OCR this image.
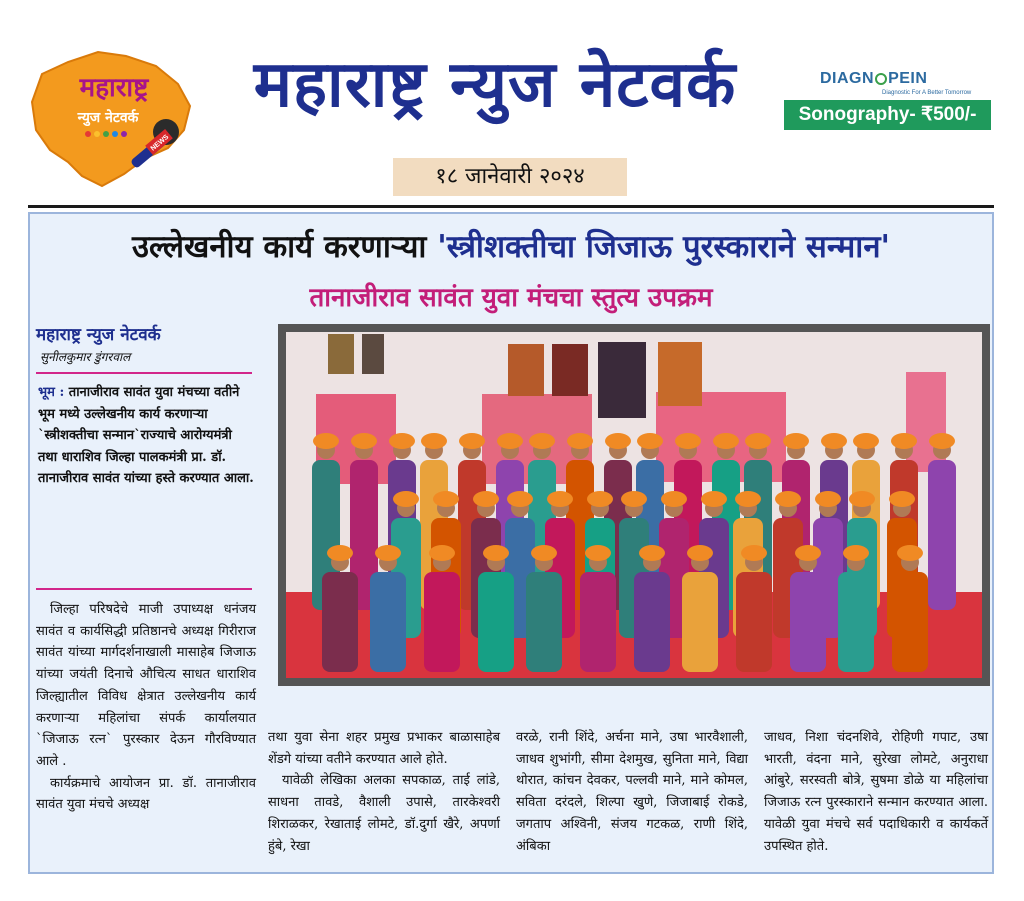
महाराष्ट्र
न्युज नेटवर्क
NEWS
महाराष्ट्र न्युज नेटवर्क
१८ जानेवारी २०२४
DIAGN PEIN
Diagnostic For A Better Tomorrow
Sonography- ₹500/-
उल्लेखनीय कार्य करणाऱ्या 'स्त्रीशक्तीचा जिजाऊ पुरस्काराने सन्मान'
तानाजीराव सावंत युवा मंचचा स्तुत्य उपक्रम
महाराष्ट्र न्युज नेटवर्क
सुनीलकुमार डुंगरवाल

भूम : तानाजीराव सावंत युवा मंचच्या वतीने भूम मध्ये उल्लेखनीय कार्य करणाऱ्या `स्त्रीशक्तीचा सन्मान`राज्याचे आरोग्यमंत्री तथा धाराशिव जिल्हा पालकमंत्री प्रा. डॉ. तानाजीराव सावंत यांच्या हस्ते करण्यात आला.

जिल्हा परिषदेचे माजी उपाध्यक्ष धनंजय सावंत व कार्यसिद्धी प्रतिष्ठानचे अध्यक्ष गिरीराज सावंत यांच्या मार्गदर्शनाखाली मासाहेब जिजाऊ यांच्या जयंती दिनाचे औचित्य साधत धाराशिव जिल्ह्यातील विविध क्षेत्रात उल्लेखनीय कार्य करणाऱ्या महिलांचा संपर्क कार्यालयात `जिजाऊ रत्न` पुरस्कार देऊन गौरविण्यात आले .
कार्यक्रमाचे आयोजन प्रा. डॉ. तानाजीराव सावंत युवा मंचचे अध्यक्ष
तथा युवा सेना शहर प्रमुख प्रभाकर बाळासाहेब शेंडगे यांच्या वतीने करण्यात आले होते.
यावेळी लेखिका अलका सपकाळ, ताई लांडे, साधना तावडे, वैशाली उपासे, तारकेश्वरी शिराळकर, रेखाताई लोमटे, डॉ.दुर्गा खैरे, अपर्णा हुंबे, रेखा
वरळे, रानी शिंदे, अर्चना माने, उषा भारवैशाली, जाधव शुभांगी, सीमा देशमुख, सुनिता माने, विद्या थोरात, कांचन देवकर, पल्लवी माने, माने कोमल, सविता दरंदले, शिल्पा खुणे, जिजाबाई रोकडे, जगताप अश्विनी, संजय गटकळ, राणी शिंदे, अंबिका
जाधव, निशा चंदनशिवे, रोहिणी गपाट, उषा भारती, वंदना माने, सुरेखा लोमटे, अनुराधा आंबुरे, सरस्वती बोत्रे, सुषमा डोळे या महिलांचा जिजाऊ रत्न पुरस्काराने सन्मान करण्यात आला. यावेळी युवा मंचचे सर्व पदाधिकारी व कार्यकर्ते उपस्थित होते.
